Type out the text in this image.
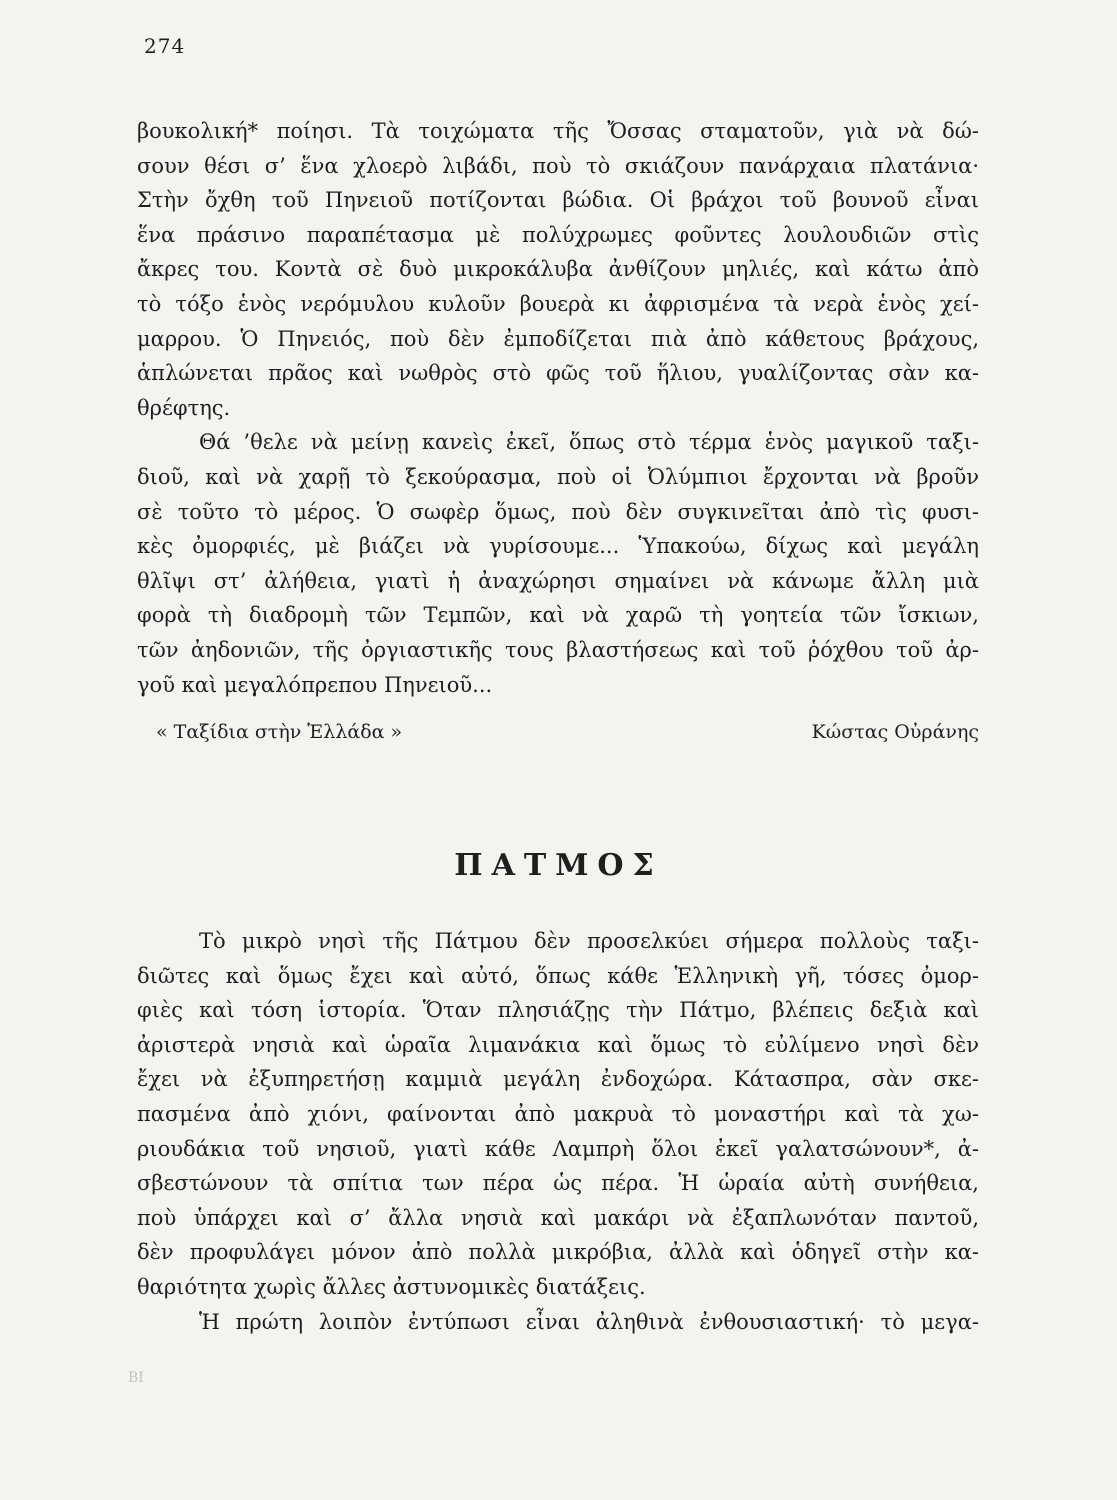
274
βουκολική* ποίησι. Τὰ τοιχώματα τῆς Ὄσσας σταματοῦν, γιὰ νὰ δώ-
σουν θέσι σ’ ἕνα χλοερὸ λιβάδι, ποὺ τὸ σκιάζουν πανάρχαια πλατάνια·
Στὴν ὄχθη τοῦ Πηνειοῦ ποτίζονται βώδια. Οἱ βράχοι τοῦ βουνοῦ εἶναι
ἕνα πράσινο παραπέτασμα μὲ πολύχρωμες φοῦντες λουλουδιῶν στὶς
ἄκρες του. Κοντὰ σὲ δυὸ μικροκάλυβα ἀνθίζουν μηλιές, καὶ κάτω ἀπὸ
τὸ τόξο ἑνὸς νερόμυλου κυλοῦν βουερὰ κι ἀφρισμένα τὰ νερὰ ἑνὸς χεί-
μαρρου. Ὁ Πηνειός, ποὺ δὲν ἐμποδίζεται πιὰ ἀπὸ κάθετους βράχους,
ἁπλώνεται πρᾶος καὶ νωθρὸς στὸ φῶς τοῦ ἥλιου, γυαλίζοντας σὰν κα-
θρέφτης.
Θά ’θελε νὰ μείνῃ κανεὶς ἐκεῖ, ὅπως στὸ τέρμα ἑνὸς μαγικοῦ ταξι-
διοῦ, καὶ νὰ χαρῇ τὸ ξεκούρασμα, ποὺ οἱ Ὀλύμπιοι ἔρχονται νὰ βροῦν
σὲ τοῦτο τὸ μέρος. Ὁ σωφὲρ ὅμως, ποὺ δὲν συγκινεῖται ἀπὸ τὶς φυσι-
κὲς ὀμορφιές, μὲ βιάζει νὰ γυρίσουμε... Ὑπακούω, δίχως καὶ μεγάλη
θλῖψι στ’ ἀλήθεια, γιατὶ ἡ ἀναχώρησι σημαίνει νὰ κάνωμε ἄλλη μιὰ
φορὰ τὴ διαδρομὴ τῶν Τεμπῶν, καὶ νὰ χαρῶ τὴ γοητεία τῶν ἴσκιων,
τῶν ἀηδονιῶν, τῆς ὀργιαστικῆς τους βλαστήσεως καὶ τοῦ ῥόχθου τοῦ ἀρ-
γοῦ καὶ μεγαλόπρεπου Πηνειοῦ...
« Ταξίδια στὴν Ἑλλάδα »	Κώστας Οὐράνης
ΠΑΤΜΟΣ
Τὸ μικρὸ νησὶ τῆς Πάτμου δὲν προσελκύει σήμερα πολλοὺς ταξι-
διῶτες καὶ ὅμως ἔχει καὶ αὐτό, ὅπως κάθε Ἑλληνικὴ γῆ, τόσες ὀμορ-
φιὲς καὶ τόση ἱστορία. Ὅταν πλησιάζῃς τὴν Πάτμο, βλέπεις δεξιὰ καὶ
ἀριστερὰ νησιὰ καὶ ὡραῖα λιμανάκια καὶ ὅμως τὸ εὐλίμενο νησὶ δὲν
ἔχει νὰ ἐξυπηρετήσῃ καμμιὰ μεγάλη ἐνδοχώρα. Κάτασπρα, σὰν σκε-
πασμένα ἀπὸ χιόνι, φαίνονται ἀπὸ μακρυὰ τὸ μοναστήρι καὶ τὰ χω-
ριουδάκια τοῦ νησιοῦ, γιατὶ κάθε Λαμπρὴ ὅλοι ἐκεῖ γαλατσώνουν*, ἀ-
σβεστώνουν τὰ σπίτια των πέρα ὡς πέρα. Ἡ ὡραία αὐτὴ συνήθεια,
ποὺ ὑπάρχει καὶ σ’ ἄλλα νησιὰ καὶ μακάρι νὰ ἐξαπλωνόταν παντοῦ,
δὲν προφυλάγει μόνον ἀπὸ πολλὰ μικρόβια, ἀλλὰ καὶ ὁδηγεῖ στὴν κα-
θαριότητα χωρὶς ἄλλες ἀστυνομικὲς διατάξεις.
Ἡ πρώτη λοιπὸν ἐντύπωσι εἶναι ἀληθινὰ ἐνθουσιαστική· τὸ μεγα-
BI
